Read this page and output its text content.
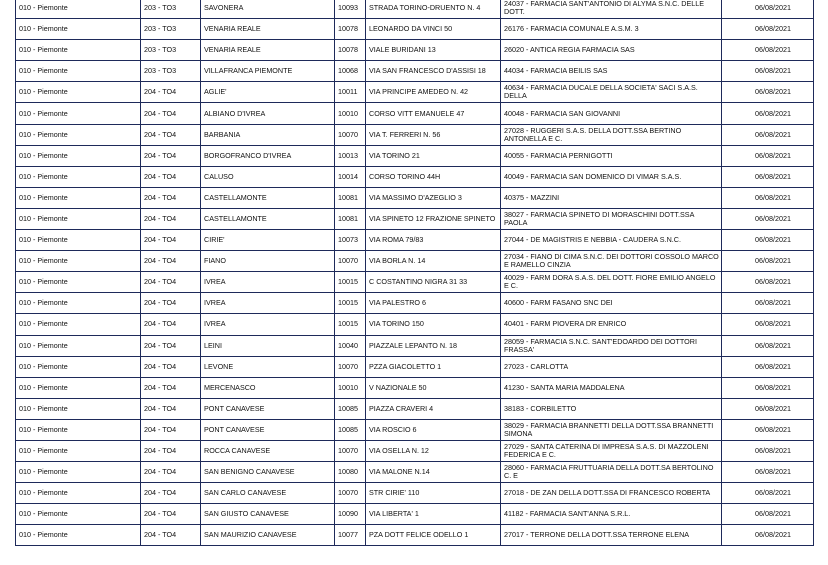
010 - Piemonte	203 - TO3	SAVONERA	10093	STRADA TORINO-DRUENTO N. 4	24037 - FARMACIA SANT'ANTONIO DI ALYMA S.N.C. DELLE DOTT.	06/08/2021
010 - Piemonte	203 - TO3	VENARIA REALE	10078	LEONARDO DA VINCI 50	26176 - FARMACIA COMUNALE A.S.M. 3	06/08/2021
010 - Piemonte	203 - TO3	VENARIA REALE	10078	VIALE BURIDANI 13	26020 - ANTICA REGIA FARMACIA SAS	06/08/2021
010 - Piemonte	203 - TO3	VILLAFRANCA PIEMONTE	10068	VIA SAN FRANCESCO D'ASSISI 18	44034 - FARMACIA BEILIS SAS	06/08/2021
010 - Piemonte	204 - TO4	AGLIE'	10011	VIA PRINCIPE AMEDEO N. 42	40634 - FARMACIA DUCALE DELLA SOCIETA' SACI S.A.S. DELLA	06/08/2021
010 - Piemonte	204 - TO4	ALBIANO D'IVREA	10010	CORSO VITT EMANUELE 47	40048 - FARMACIA SAN GIOVANNI	06/08/2021
010 - Piemonte	204 - TO4	BARBANIA	10070	VIA T. FERRERI N. 56	27028 - RUGGERI S.A.S. DELLA DOTT.SSA BERTINO ANTONELLA E C.	06/08/2021
010 - Piemonte	204 - TO4	BORGOFRANCO D'IVREA	10013	VIA TORINO 21	40055 - FARMACIA PERNIGOTTI	06/08/2021
010 - Piemonte	204 - TO4	CALUSO	10014	CORSO TORINO 44H	40049 - FARMACIA SAN DOMENICO DI VIMAR S.A.S.	06/08/2021
010 - Piemonte	204 - TO4	CASTELLAMONTE	10081	VIA MASSIMO D'AZEGLIO 3	40375 - MAZZINI	06/08/2021
010 - Piemonte	204 - TO4	CASTELLAMONTE	10081	VIA SPINETO 12 FRAZIONE SPINETO	38027 - FARMACIA SPINETO DI MORASCHINI DOTT.SSA PAOLA	06/08/2021
010 - Piemonte	204 - TO4	CIRIE'	10073	VIA ROMA 79/83	27044 - DE MAGISTRIS E NEBBIA - CAUDERA S.N.C.	06/08/2021
010 - Piemonte	204 - TO4	FIANO	10070	VIA BORLA N. 14	27034 - FIANO DI CIMA S.N.C. DEI DOTTORI COSSOLO MARCO E RAMELLO CINZIA	06/08/2021
010 - Piemonte	204 - TO4	IVREA	10015	C COSTANTINO NIGRA 31 33	40029 - FARM DORA S.A.S. DEL DOTT. FIORE EMILIO ANGELO E C.	06/08/2021
010 - Piemonte	204 - TO4	IVREA	10015	VIA PALESTRO 6	40600 - FARM FASANO SNC DEI	06/08/2021
010 - Piemonte	204 - TO4	IVREA	10015	VIA TORINO 150	40401 - FARM PIOVERA DR ENRICO	06/08/2021
010 - Piemonte	204 - TO4	LEINI	10040	PIAZZALE LEPANTO N. 18	28059 - FARMACIA S.N.C. SANT'EDOARDO DEI DOTTORI FRASSA'	06/08/2021
010 - Piemonte	204 - TO4	LEVONE	10070	PZZA GIACOLETTO 1	27023 - CARLOTTA	06/08/2021
010 - Piemonte	204 - TO4	MERCENASCO	10010	V NAZIONALE 50	41230 - SANTA MARIA MADDALENA	06/08/2021
010 - Piemonte	204 - TO4	PONT CANAVESE	10085	PIAZZA CRAVERI 4	38183 - CORBILETTO	06/08/2021
010 - Piemonte	204 - TO4	PONT CANAVESE	10085	VIA ROSCIO 6	38029 - FARMACIA BRANNETTI DELLA DOTT.SSA BRANNETTI SIMONA	06/08/2021
010 - Piemonte	204 - TO4	ROCCA CANAVESE	10070	VIA OSELLA N. 12	27029 - SANTA CATERINA DI IMPRESA S.A.S. DI MAZZOLENI FEDERICA E C.	06/08/2021
010 - Piemonte	204 - TO4	SAN BENIGNO CANAVESE	10080	VIA MALONE N.14	28060 - FARMACIA FRUTTUARIA DELLA DOTT.SA BERTOLINO C. E	06/08/2021
010 - Piemonte	204 - TO4	SAN CARLO CANAVESE	10070	STR CIRIE' 110	27018 - DE ZAN DELLA DOTT.SSA DI FRANCESCO ROBERTA	06/08/2021
010 - Piemonte	204 - TO4	SAN GIUSTO CANAVESE	10090	VIA LIBERTA' 1	41182 - FARMACIA SANT'ANNA S.R.L.	06/08/2021
010 - Piemonte	204 - TO4	SAN MAURIZIO CANAVESE	10077	PZA DOTT FELICE ODELLO 1	27017 - TERRONE DELLA DOTT.SSA TERRONE ELENA	06/08/2021
